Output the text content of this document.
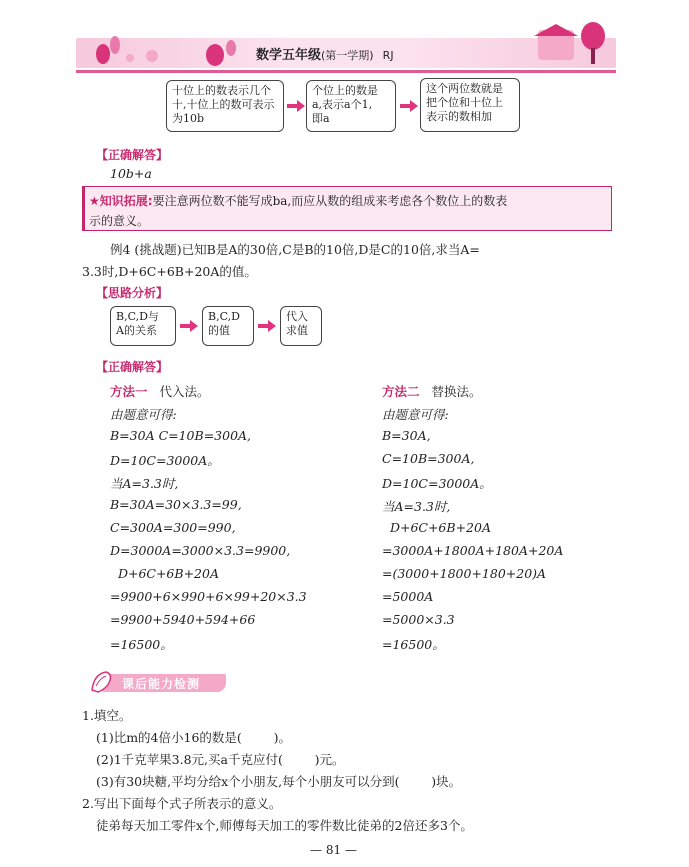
数学五年级(第一学期) RJ
十位上的数表示几个
十,十位上的数可表示
为10b
个位上的数是
a,表示a个1,
即a
这个两位数就是
把个位和十位上
表示的数相加
【正确解答】
10b+a
★知识拓展:要注意两位数不能写成ba,而应从数的组成来考虑各个数位上的数表
示的意义。
例4 (挑战题)已知B是A的30倍,C是B的10倍,D是C的10倍,求当A=
3.3时,D+6C+6B+20A的值。
【思路分析】
B,C,D与
A的关系
B,C,D
的值
代入
求值
【正确解答】
方法一 代入法。
由题意可得:
B=30A C=10B=300A,
D=10C=3000A。
当A=3.3时,
B=30A=30×3.3=99,
C=300A=300=990,
D=3000A=3000×3.3=9900,
D+6C+6B+20A
=9900+6×990+6×99+20×3.3
=9900+5940+594+66
=16500。
方法二 替换法。
由题意可得:
B=30A,
C=10B=300A,
D=10C=3000A。
当A=3.3时,
D+6C+6B+20A
=3000A+1800A+180A+20A
=(3000+1800+180+20)A
=5000A
=5000×3.3
=16500。
课后能力检测
1.填空。
(1)比m的4倍小16的数是(        )。
(2)1千克苹果3.8元,买a千克应付(        )元。
(3)有30块糖,平均分给x个小朋友,每个小朋友可以分到(        )块。
2.写出下面每个式子所表示的意义。
徒弟每天加工零件x个,师傅每天加工的零件数比徒弟的2倍还多3个。
— 81 —
